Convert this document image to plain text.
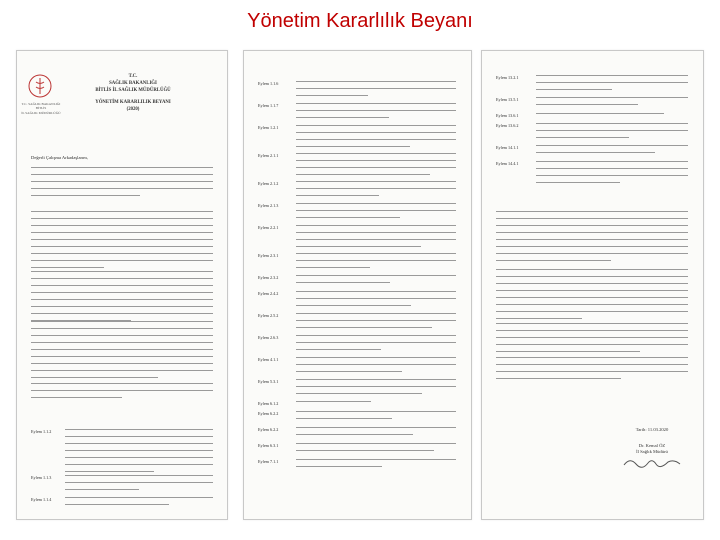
Yönetim Kararlılık Beyanı
T.C. SAĞLIK BAKANLIĞI
BİTLİS
İL SAĞLIK MÜDÜRLÜĞÜ
T.C.
SAĞLIK BAKANLIĞI
BİTLİS İL SAĞLIK MÜDÜRLÜĞÜ
YÖNETİM KARARLILIK BEYANI
(2020)
Değerli Çalışma Arkadaşlarım,
Eylem 1.1.2
Eylem 1.1.3
Eylem 1.1.4
Eylem 1.1.6
Eylem 1.1.7
Eylem 1.2.1
Eylem 2.1.1
Eylem 2.1.2
Eylem 2.1.3
Eylem 2.2.1
Eylem 2.3.1
Eylem 2.3.2
Eylem 2.4.2
Eylem 2.5.2
Eylem 2.6.3
Eylem 4.1.1
Eylem 5.3.1
Eylem 6.1.2
Eylem 6.2.2
Eylem 6.2.2
Eylem 6.3.1
Eylem 7.1.1
Eylem 13.2.1
Eylem 13.5.1
Eylem 13.6.1
Eylem 13.6.2
Eylem 14.1.1
Eylem 14.4.1
Tarih: 11.03.2020
Dr. Kemal ÖZ
İl Sağlık Müdürü
